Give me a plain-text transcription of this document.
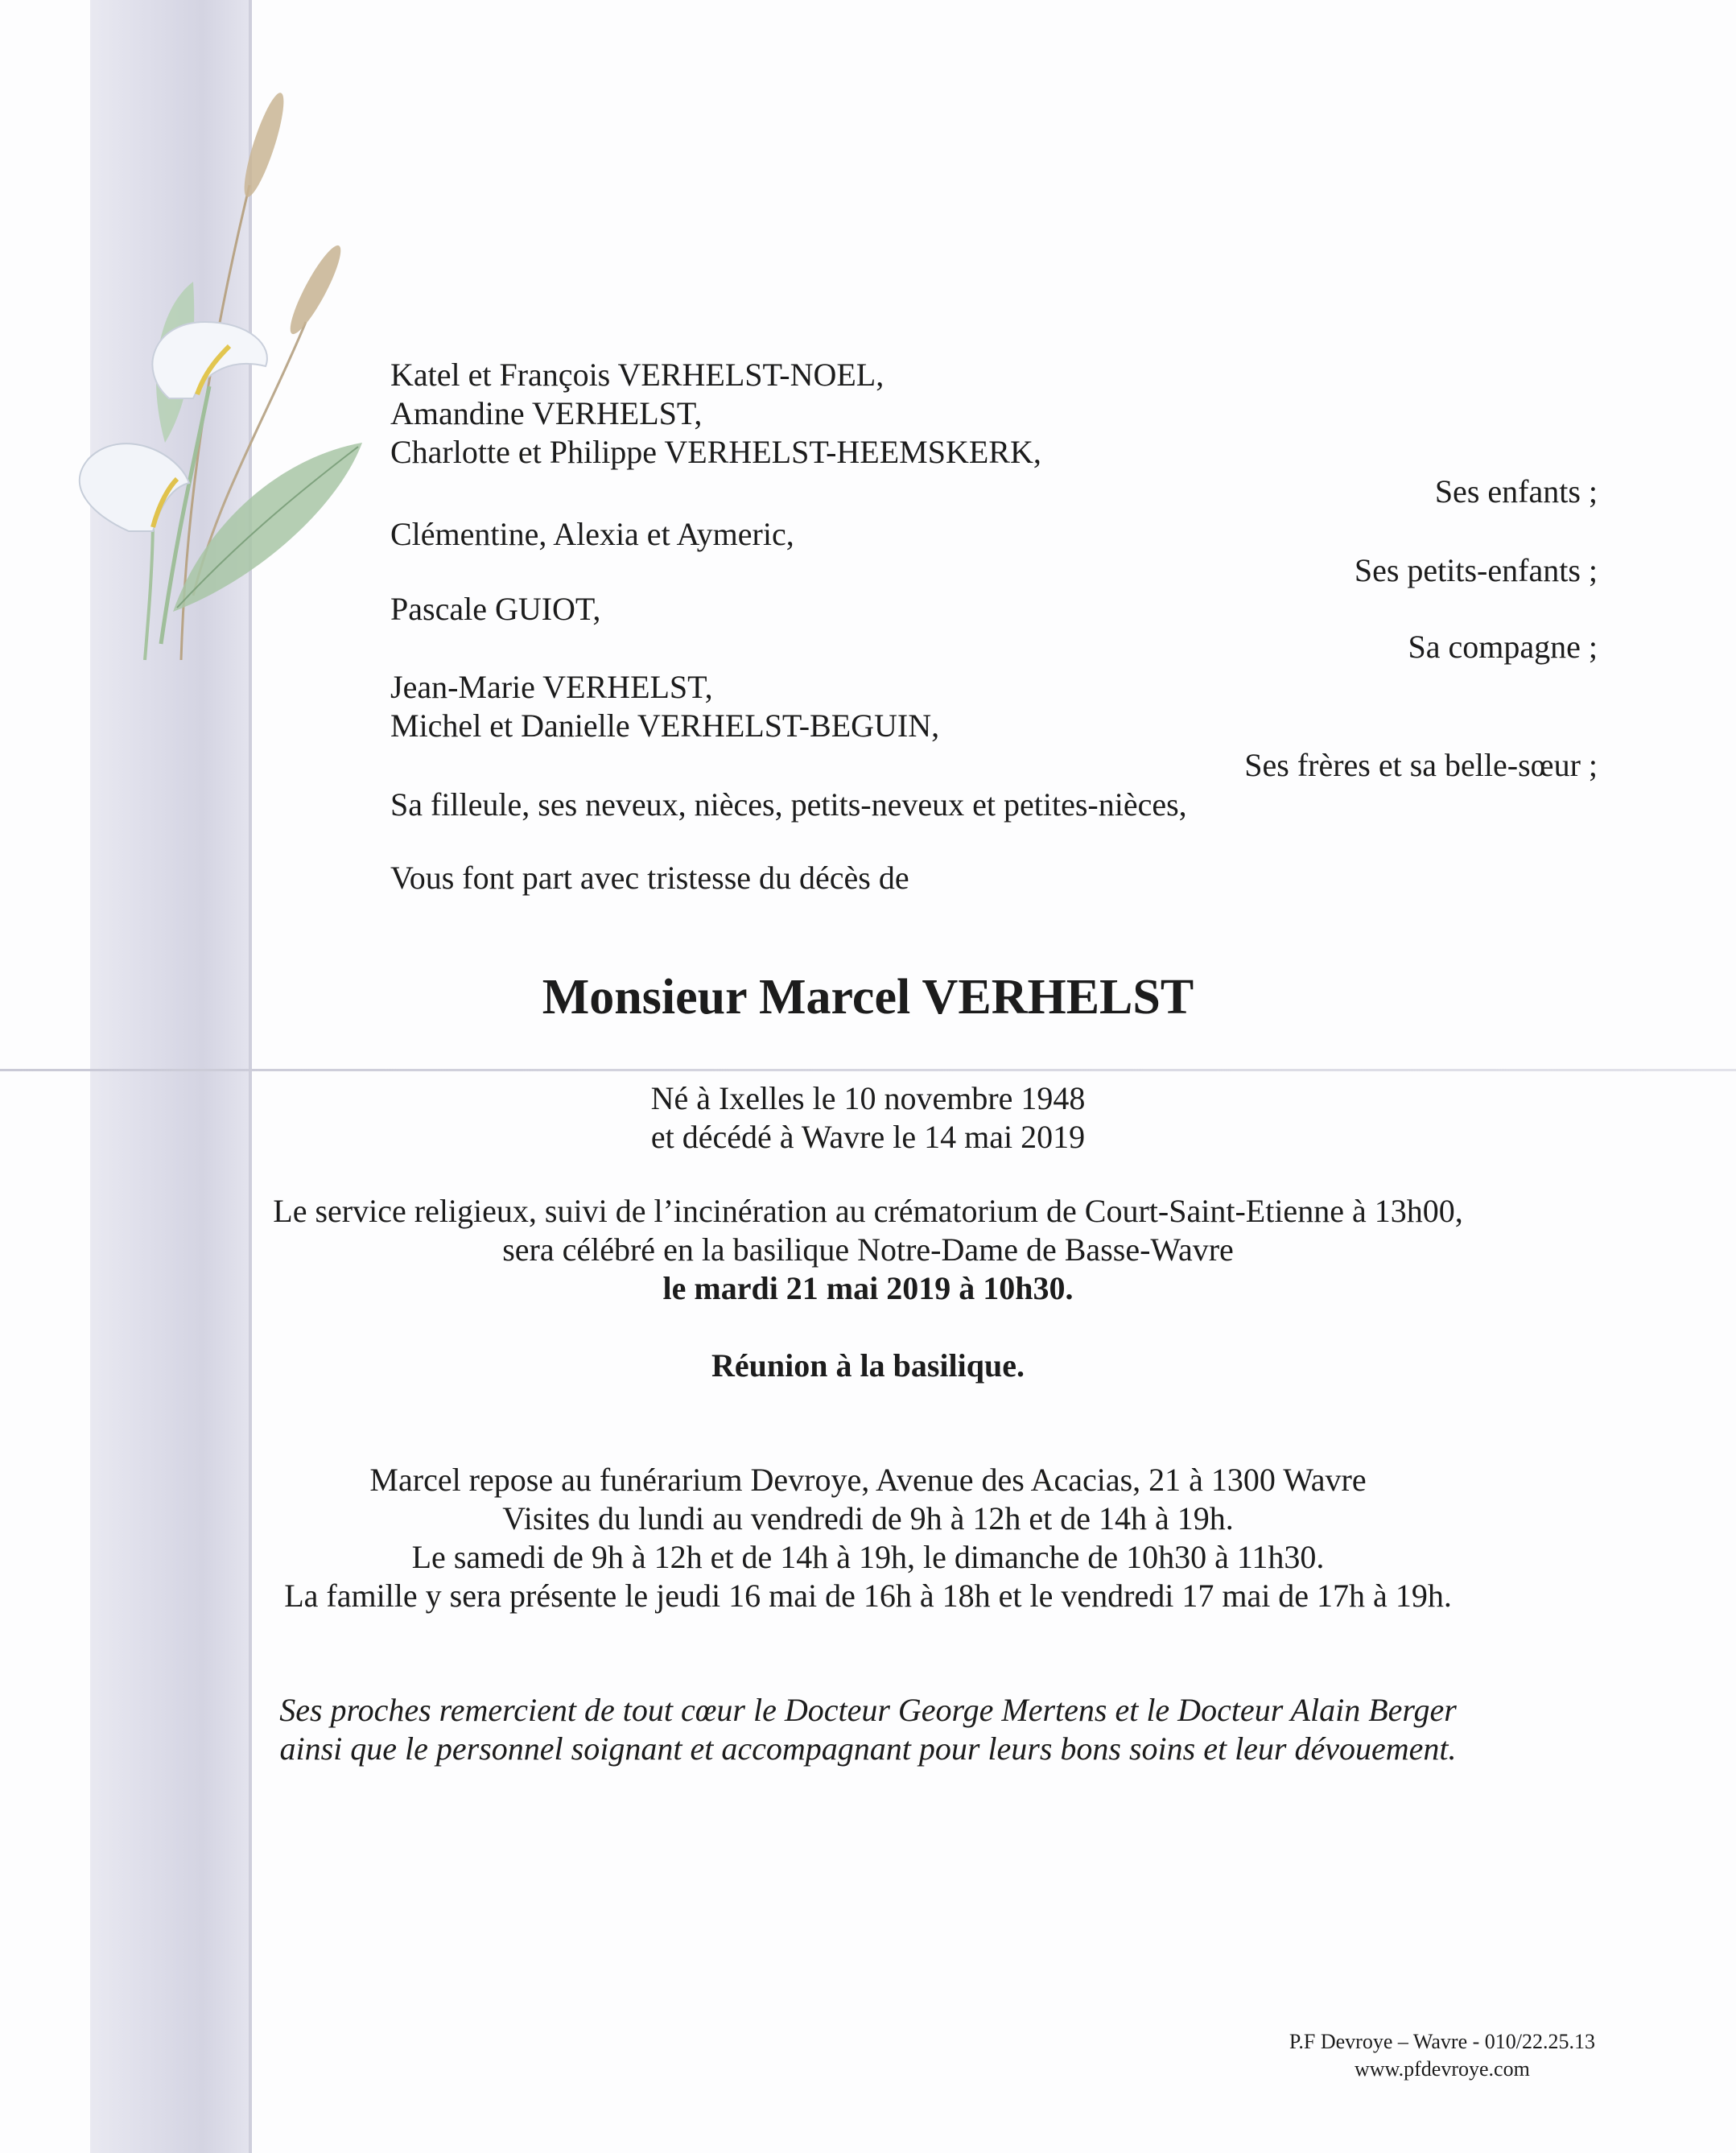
Katel et François VERHELST-NOEL,

Amandine VERHELST,

Charlotte et Philippe VERHELST-HEEMSKERK,

Ses enfants ;

Clémentine, Alexia et Aymeric,

Ses petits-enfants ;

Pascale GUIOT,

Sa compagne ;

Jean-Marie VERHELST,

Michel et Danielle VERHELST-BEGUIN,

Ses frères et sa belle-sœur ;

Sa filleule, ses neveux, nièces, petits-neveux et petites-nièces,

Vous font part avec tristesse du décès de

Monsieur Marcel VERHELST

Né à Ixelles le 10 novembre 1948

et décédé à Wavre le 14 mai 2019

Le service religieux, suivi de l’incinération au crématorium de Court-Saint-Etienne à 13h00,

sera célébré en la basilique Notre-Dame de Basse-Wavre

le mardi 21 mai 2019 à 10h30.

Réunion à la basilique.

Marcel repose au funérarium Devroye, Avenue des Acacias, 21 à 1300 Wavre

Visites du lundi au vendredi de 9h à 12h et de 14h à 19h.

Le samedi de 9h à 12h et de 14h à 19h, le dimanche de 10h30 à 11h30.

La famille y sera présente le jeudi 16 mai de 16h à 18h et le vendredi 17 mai de 17h à 19h.

Ses proches remercient de tout cœur le Docteur George Mertens et le Docteur Alain Berger

ainsi que le personnel soignant et accompagnant pour leurs bons soins et leur dévouement.

P.F Devroye – Wavre - 010/22.25.13
www.pfdevroye.com
